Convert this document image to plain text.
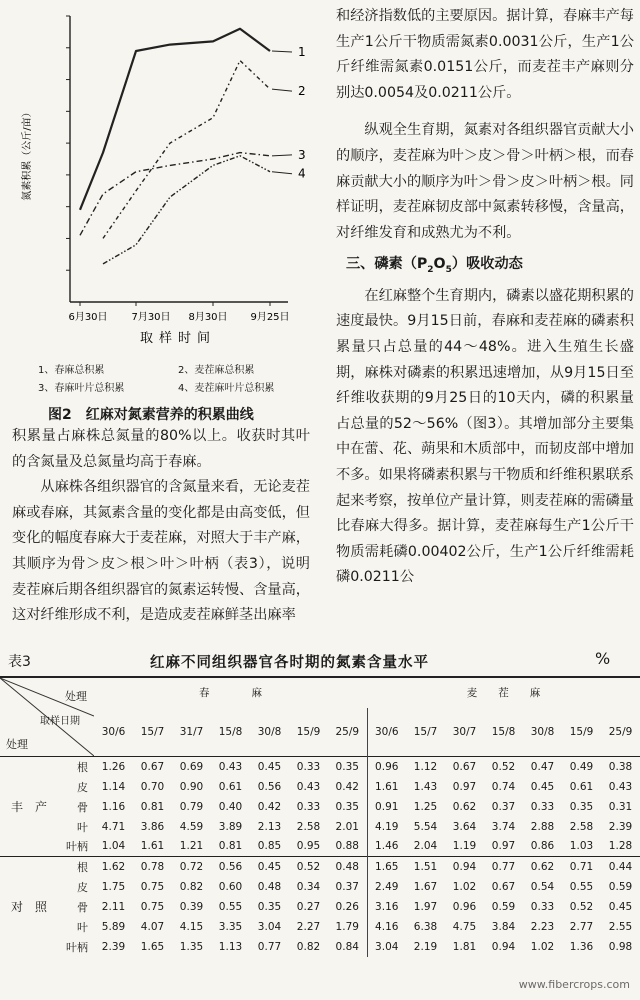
6月30日 7月30日 8月30日 9月25日
取样时间
氮素积累（公斤/亩）
1
2
3
4
1、春麻总积累	2、麦茬麻总积累
3、春麻叶片总积累	4、麦茬麻叶片总积累
图2　 红麻对氮素营养的积累曲线

积累量占麻株总氮量的80%以上。收获时其叶的含氮量及总氮量均高于春麻。

从麻株各组织器官的含氮量来看，无论麦茬麻或春麻，其氮素含量的变化都是由高变低，但变化的幅度春麻大于麦茬麻，对照大于丰产麻，其顺序为骨＞皮＞根＞叶＞叶柄（表3），说明麦茬麻后期各组织器官的氮素运转慢、含量高，这对纤维形成不利，是造成麦茬麻鲜茎出麻率

和经济指数低的主要原因。据计算，春麻丰产每生产1公斤干物质需氮素0.0031公斤，生产1公斤纤维需氮素0.0151公斤，而麦茬丰产麻则分别达0.0054及0.0211公斤。

纵观全生育期，氮素对各组织器官贡献大小的顺序，麦茬麻为叶＞皮＞骨＞叶柄＞根，而春麻贡献大小的顺序为叶＞骨＞皮＞叶柄＞根。同样证明，麦茬麻韧皮部中氮素转移慢，含量高，对纤维发育和成熟尤为不利。

三、磷素$(P_2O_5)$吸收动态

在红麻整个生育期内，磷素以盛花期积累的速度最快。9月15日前，春麻和麦茬麻的磷素积累量只占总量的44～48%。进入生殖生长盛期，麻株对磷素的积累迅速增加，从9月15日至纤维收获期的9月25日的10天内，磷的积累量占总量的52～56%（图3）。其增加部分主要集中在蕾、花、蒴果和木质部中，而韧皮部中增加不多。如果将磷素积累与干物质和纤维积累联系起来考察，按单位产量计算，则麦茬麻的需磷量比春麻大得多。据计算，麦茬麻每生产1公斤干物质需耗磷0.00402公斤，生产1公斤纤维需耗磷0.0211公

表3	红麻不同组织器官各时期的氮素含量水平	%
处理
取样日期
处理		春　　　　麻							麦　　茬　　麻						
		30/6	15/7	31/7	15/8	30/8	15/9	25/9	30/6	15/7	30/7	15/8	30/8	15/9	25/9
丰　产	根	1.26	0.67	0.69	0.43	0.45	0.33	0.35	0.96	1.12	0.67	0.52	0.47	0.49	0.38
	皮	1.14	0.70	0.90	0.61	0.56	0.43	0.42	1.61	1.43	0.97	0.74	0.45	0.61	0.43
	骨	1.16	0.81	0.79	0.40	0.42	0.33	0.35	0.91	1.25	0.62	0.37	0.33	0.35	0.31
	叶	4.71	3.86	4.59	3.89	2.13	2.58	2.01	4.19	5.54	3.64	3.74	2.88	2.58	2.39
	叶柄	1.04	1.61	1.21	0.81	0.85	0.95	0.88	1.46	2.04	1.19	0.97	0.86	1.03	1.28
对　照	根	1.62	0.78	0.72	0.56	0.45	0.52	0.48	1.65	1.51	0.94	0.77	0.62	0.71	0.44
	皮	1.75	0.75	0.82	0.60	0.48	0.34	0.37	2.49	1.67	1.02	0.67	0.54	0.55	0.59
	骨	2.11	0.75	0.39	0.55	0.35	0.27	0.26	3.16	1.97	0.96	0.59	0.33	0.52	0.45
	叶	5.89	4.07	4.15	3.35	3.04	2.27	1.79	4.16	6.38	4.75	3.84	2.23	2.77	2.55
	叶柄	2.39	1.65	1.35	1.13	0.77	0.82	0.84	3.04	2.19	1.81	0.94	1.02	1.36	0.98
www.fibercrops.com
